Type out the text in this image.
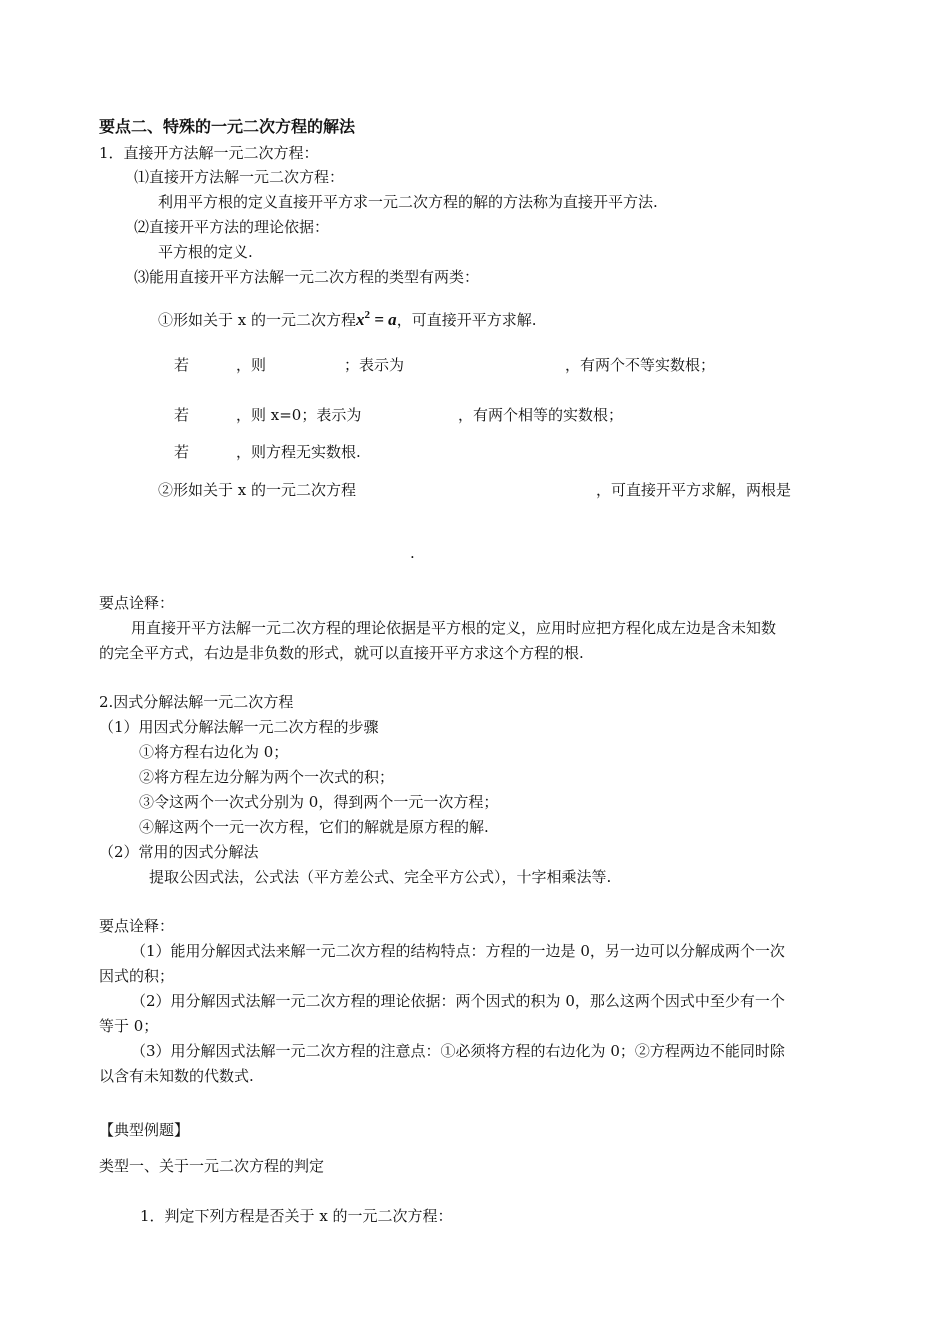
要点二、特殊的一元二次方程的解法
1．直接开方法解一元二次方程：
⑴直接开方法解一元二次方程：
利用平方根的定义直接开平方求一元二次方程的解的方法称为直接开平方法.
⑵直接开平方法的理论依据：
平方根的定义.
⑶能用直接开平方法解一元二次方程的类型有两类：
①形如关于 x 的一元二次方程$x^2 = a$，可直接开平方求解.
若	，则	；表示为	，有两个不等实数根；
若	，则 x=0；表示为	，有两个相等的实数根；
若	，则方程无实数根.
②形如关于 x 的一元二次方程	，可直接开平方求解，两根是
.
要点诠释：
用直接开平方法解一元二次方程的理论依据是平方根的定义，应用时应把方程化成左边是含未知数
的完全平方式，右边是非负数的形式，就可以直接开平方求这个方程的根.
2.因式分解法解一元二次方程
（1）用因式分解法解一元二次方程的步骤
①将方程右边化为 0；
②将方程左边分解为两个一次式的积；
③令这两个一次式分别为 0，得到两个一元一次方程；
④解这两个一元一次方程，它们的解就是原方程的解.
（2）常用的因式分解法
提取公因式法，公式法（平方差公式、完全平方公式），十字相乘法等.
要点诠释：
（1）能用分解因式法来解一元二次方程的结构特点：方程的一边是 0，另一边可以分解成两个一次
因式的积；
（2）用分解因式法解一元二次方程的理论依据：两个因式的积为 0，那么这两个因式中至少有一个
等于 0；
（3）用分解因式法解一元二次方程的注意点：①必须将方程的右边化为 0；②方程两边不能同时除
以含有未知数的代数式.
【典型例题】
类型一、关于一元二次方程的判定
1．判定下列方程是否关于 x 的一元二次方程：
